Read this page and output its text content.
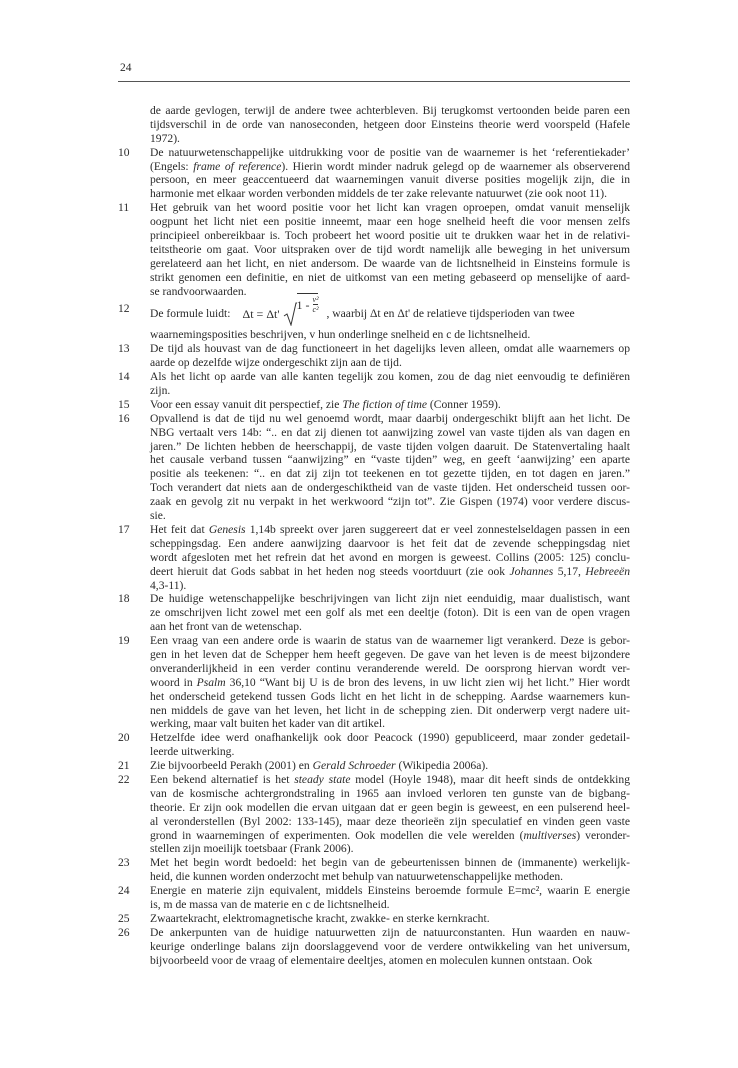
24
de aarde gevlogen, terwijl de andere twee achterbleven. Bij terugkomst vertoonden beide paren een
tijdsverschil in de orde van nanoseconden, hetgeen door Einsteins theorie werd voorspeld (Hafele
1972).
10 De natuurwetenschappelijke uitdrukking voor de positie van de waarnemer is het ‘referentiekader’
(Engels: frame of reference). Hierin wordt minder nadruk gelegd op de waarnemer als observerend
persoon, en meer geaccentueerd dat waarnemingen vanuit diverse posities mogelijk zijn, die in
harmonie met elkaar worden verbonden middels de ter zake relevante natuurwet (zie ook noot 11).
11 Het gebruik van het woord positie voor het licht kan vragen oproepen, omdat vanuit menselijk
oogpunt het licht niet een positie inneemt, maar een hoge snelheid heeft die voor mensen zelfs
principieel onbereikbaar is. Toch probeert het woord positie uit te drukken waar het in de relativi-
teitstheorie om gaat. Voor uitspraken over de tijd wordt namelijk alle beweging in het universum
gerelateerd aan het licht, en niet andersom. De waarde van de lichtsnelheid in Einsteins formule is
strikt genomen een definitie, en niet de uitkomst van een meting gebaseerd op menselijke of aard-
se randvoorwaarden.
12 De formule luidt: Δt = Δt'
$1 - \frac{\text{v²}}{\text{c²}}$ , waarbij Δt en Δt' de relatieve tijdsperioden van twee
waarnemingsposities beschrijven, v hun onderlinge snelheid en c de lichtsnelheid.
13 De tijd als houvast van de dag functioneert in het dagelijks leven alleen, omdat alle waarnemers op
aarde op dezelfde wijze ondergeschikt zijn aan de tijd.
14 Als het licht op aarde van alle kanten tegelijk zou komen, zou de dag niet eenvoudig te definiëren
zijn.
15 Voor een essay vanuit dit perspectief, zie The fiction of time (Conner 1959).
16 Opvallend is dat de tijd nu wel genoemd wordt, maar daarbij ondergeschikt blijft aan het licht. De
NBG vertaalt vers 14b: “.. en dat zij dienen tot aanwijzing zowel van vaste tijden als van dagen en
jaren.” De lichten hebben de heerschappij, de vaste tijden volgen daaruit. De Statenvertaling haalt
het causale verband tussen “aanwijzing” en “vaste tijden” weg, en geeft ‘aanwijzing’ een aparte
positie als teekenen: “.. en dat zij zijn tot teekenen en tot gezette tijden, en tot dagen en jaren.”
Toch verandert dat niets aan de ondergeschiktheid van de vaste tijden. Het onderscheid tussen oor-
zaak en gevolg zit nu verpakt in het werkwoord “zijn tot”. Zie Gispen (1974) voor verdere discus-
sie.
17 Het feit dat Genesis 1,14b spreekt over jaren suggereert dat er veel zonnestelseldagen passen in een
scheppingsdag. Een andere aanwijzing daarvoor is het feit dat de zevende scheppingsdag niet
wordt afgesloten met het refrein dat het avond en morgen is geweest. Collins (2005: 125) conclu-
deert hieruit dat Gods sabbat in het heden nog steeds voortduurt (zie ook Johannes 5,17, Hebreeën
4,3-11).
18 De huidige wetenschappelijke beschrijvingen van licht zijn niet eenduidig, maar dualistisch, want
ze omschrijven licht zowel met een golf als met een deeltje (foton). Dit is een van de open vragen
aan het front van de wetenschap.
19 Een vraag van een andere orde is waarin de status van de waarnemer ligt verankerd. Deze is gebor-
gen in het leven dat de Schepper hem heeft gegeven. De gave van het leven is de meest bijzondere
onveranderlijkheid in een verder continu veranderende wereld. De oorsprong hiervan wordt ver-
woord in Psalm 36,10 “Want bij U is de bron des levens, in uw licht zien wij het licht.” Hier wordt
het onderscheid getekend tussen Gods licht en het licht in de schepping. Aardse waarnemers kun-
nen middels de gave van het leven, het licht in de schepping zien. Dit onderwerp vergt nadere uit-
werking, maar valt buiten het kader van dit artikel.
20 Hetzelfde idee werd onafhankelijk ook door Peacock (1990) gepubliceerd, maar zonder gedetail-
leerde uitwerking.
21 Zie bijvoorbeeld Perakh (2001) en Gerald Schroeder (Wikipedia 2006a).
22 Een bekend alternatief is het steady state model (Hoyle 1948), maar dit heeft sinds de ontdekking
van de kosmische achtergrondstraling in 1965 aan invloed verloren ten gunste van de bigbang-
theorie. Er zijn ook modellen die ervan uitgaan dat er geen begin is geweest, en een pulserend heel-
al veronderstellen (Byl 2002: 133-145), maar deze theorieën zijn speculatief en vinden geen vaste
grond in waarnemingen of experimenten. Ook modellen die vele werelden (multiverses) veronder-
stellen zijn moeilijk toetsbaar (Frank 2006).
23 Met het begin wordt bedoeld: het begin van de gebeurtenissen binnen de (immanente) werkelijk-
heid, die kunnen worden onderzocht met behulp van natuurwetenschappelijke methoden.
24 Energie en materie zijn equivalent, middels Einsteins beroemde formule E=mc², waarin E energie
is, m de massa van de materie en c de lichtsnelheid.
25 Zwaartekracht, elektromagnetische kracht, zwakke- en sterke kernkracht.
26 De ankerpunten van de huidige natuurwetten zijn de natuurconstanten. Hun waarden en nauw-
keurige onderlinge balans zijn doorslaggevend voor de verdere ontwikkeling van het universum,
bijvoorbeeld voor de vraag of elementaire deeltjes, atomen en moleculen kunnen ontstaan. Ook
